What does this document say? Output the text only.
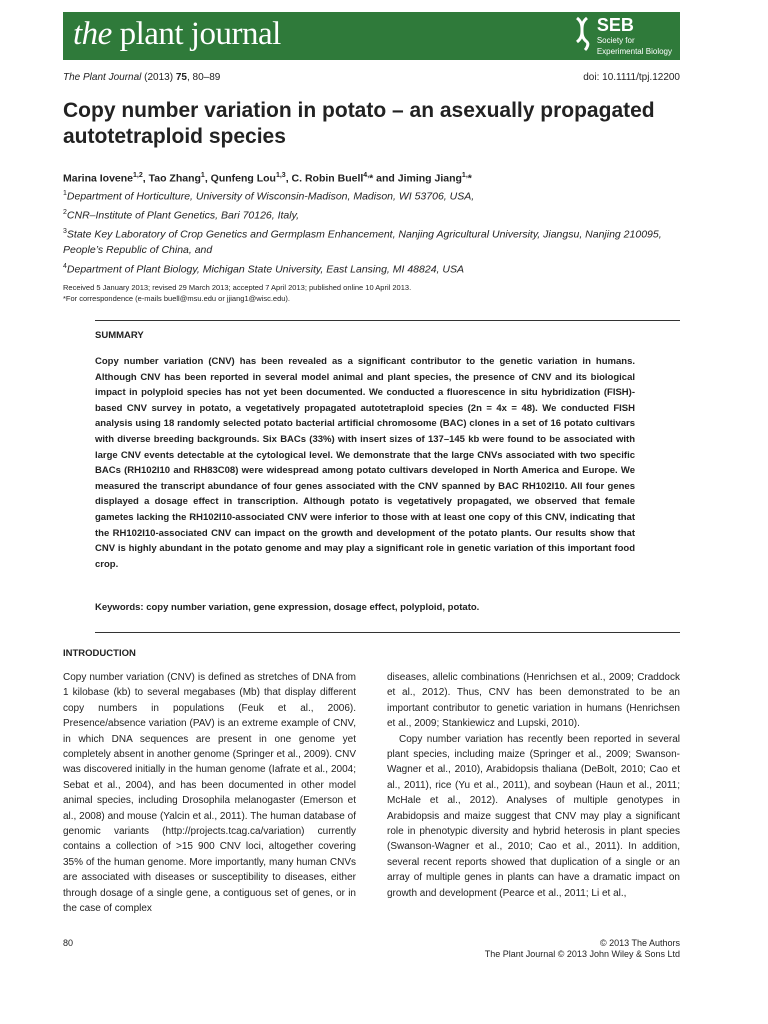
the plant journal	SEB
Society for
Experimental Biology
The Plant Journal (2013) 75, 80–89	doi: 10.1111/tpj.12200
Copy number variation in potato – an asexually propagated autotetraploid species
Marina Iovene$^{1,2}$, Tao Zhang$^1$, Qunfeng Lou$^{1,3}$, C. Robin Buell$^{4,}$* and Jiming Jiang$^{1,}$*
$^1$Department of Horticulture, University of Wisconsin-Madison, Madison, WI 53706, USA,
$^2$CNR–Institute of Plant Genetics, Bari 70126, Italy,
$^3$State Key Laboratory of Crop Genetics and Germplasm Enhancement, Nanjing Agricultural University, Jiangsu, Nanjing 210095, People’s Republic of China, and
$^4$Department of Plant Biology, Michigan State University, East Lansing, MI 48824, USA
Received 5 January 2013; revised 29 March 2013; accepted 7 April 2013; published online 10 April 2013.
*For correspondence (e-mails buell@msu.edu or jjiang1@wisc.edu).
SUMMARY
Copy number variation (CNV) has been revealed as a significant contributor to the genetic variation in humans. Although CNV has been reported in several model animal and plant species, the presence of CNV and its biological impact in polyploid species has not yet been documented. We conducted a fluorescence in situ hybridization (FISH)-based CNV survey in potato, a vegetatively propagated autotetraploid species (2n = 4x = 48). We conducted FISH analysis using 18 randomly selected potato bacterial artificial chromosome (BAC) clones in a set of 16 potato cultivars with diverse breeding backgrounds. Six BACs (33%) with insert sizes of 137–145 kb were found to be associated with large CNV events detectable at the cytological level. We demonstrate that the large CNVs associated with two specific BACs (RH102I10 and RH83C08) were widespread among potato cultivars developed in North America and Europe. We measured the transcript abundance of four genes associated with the CNV spanned by BAC RH102I10. All four genes displayed a dosage effect in transcription. Although potato is vegetatively propagated, we observed that female gametes lacking the RH102I10-associated CNV were inferior to those with at least one copy of this CNV, indicating that the RH102I10-associated CNV can impact on the growth and development of the potato plants. Our results show that CNV is highly abundant in the potato genome and may play a significant role in genetic variation of this important food crop.
Keywords: copy number variation, gene expression, dosage effect, polyploid, potato.
INTRODUCTION

Copy number variation (CNV) is defined as stretches of DNA from 1 kilobase (kb) to several megabases (Mb) that display different copy numbers in populations (Feuk et al., 2006). Presence/absence variation (PAV) is an extreme example of CNV, in which DNA sequences are present in one genome yet completely absent in another genome (Springer et al., 2009). CNV was discovered initially in the human genome (Iafrate et al., 2004; Sebat et al., 2004), and has been documented in other model animal species, including Drosophila melanogaster (Emerson et al., 2008) and mouse (Yalcin et al., 2011). The human database of genomic variants (http://projects.tcag.ca/variation) currently contains a collection of >15 900 CNV loci, altogether covering 35% of the human genome. More importantly, many human CNVs are associated with diseases or susceptibility to diseases, either through dosage of a single gene, a contiguous set of genes, or in the case of complex

diseases, allelic combinations (Henrichsen et al., 2009; Craddock et al., 2012). Thus, CNV has been demonstrated to be an important contributor to genetic variation in humans (Henrichsen et al., 2009; Stankiewicz and Lupski, 2010).

Copy number variation has recently been reported in several plant species, including maize (Springer et al., 2009; Swanson-Wagner et al., 2010), Arabidopsis thaliana (DeBolt, 2010; Cao et al., 2011), rice (Yu et al., 2011), and soybean (Haun et al., 2011; McHale et al., 2012). Analyses of multiple genotypes in Arabidopsis and maize suggest that CNV may play a significant role in phenotypic diversity and hybrid heterosis in plant species (Swanson-Wagner et al., 2010; Cao et al., 2011). In addition, several recent reports showed that duplication of a single or an array of multiple genes in plants can have a dramatic impact on growth and development (Pearce et al., 2011; Li et al.,

80	© 2013 The Authors
The Plant Journal © 2013 John Wiley & Sons Ltd
